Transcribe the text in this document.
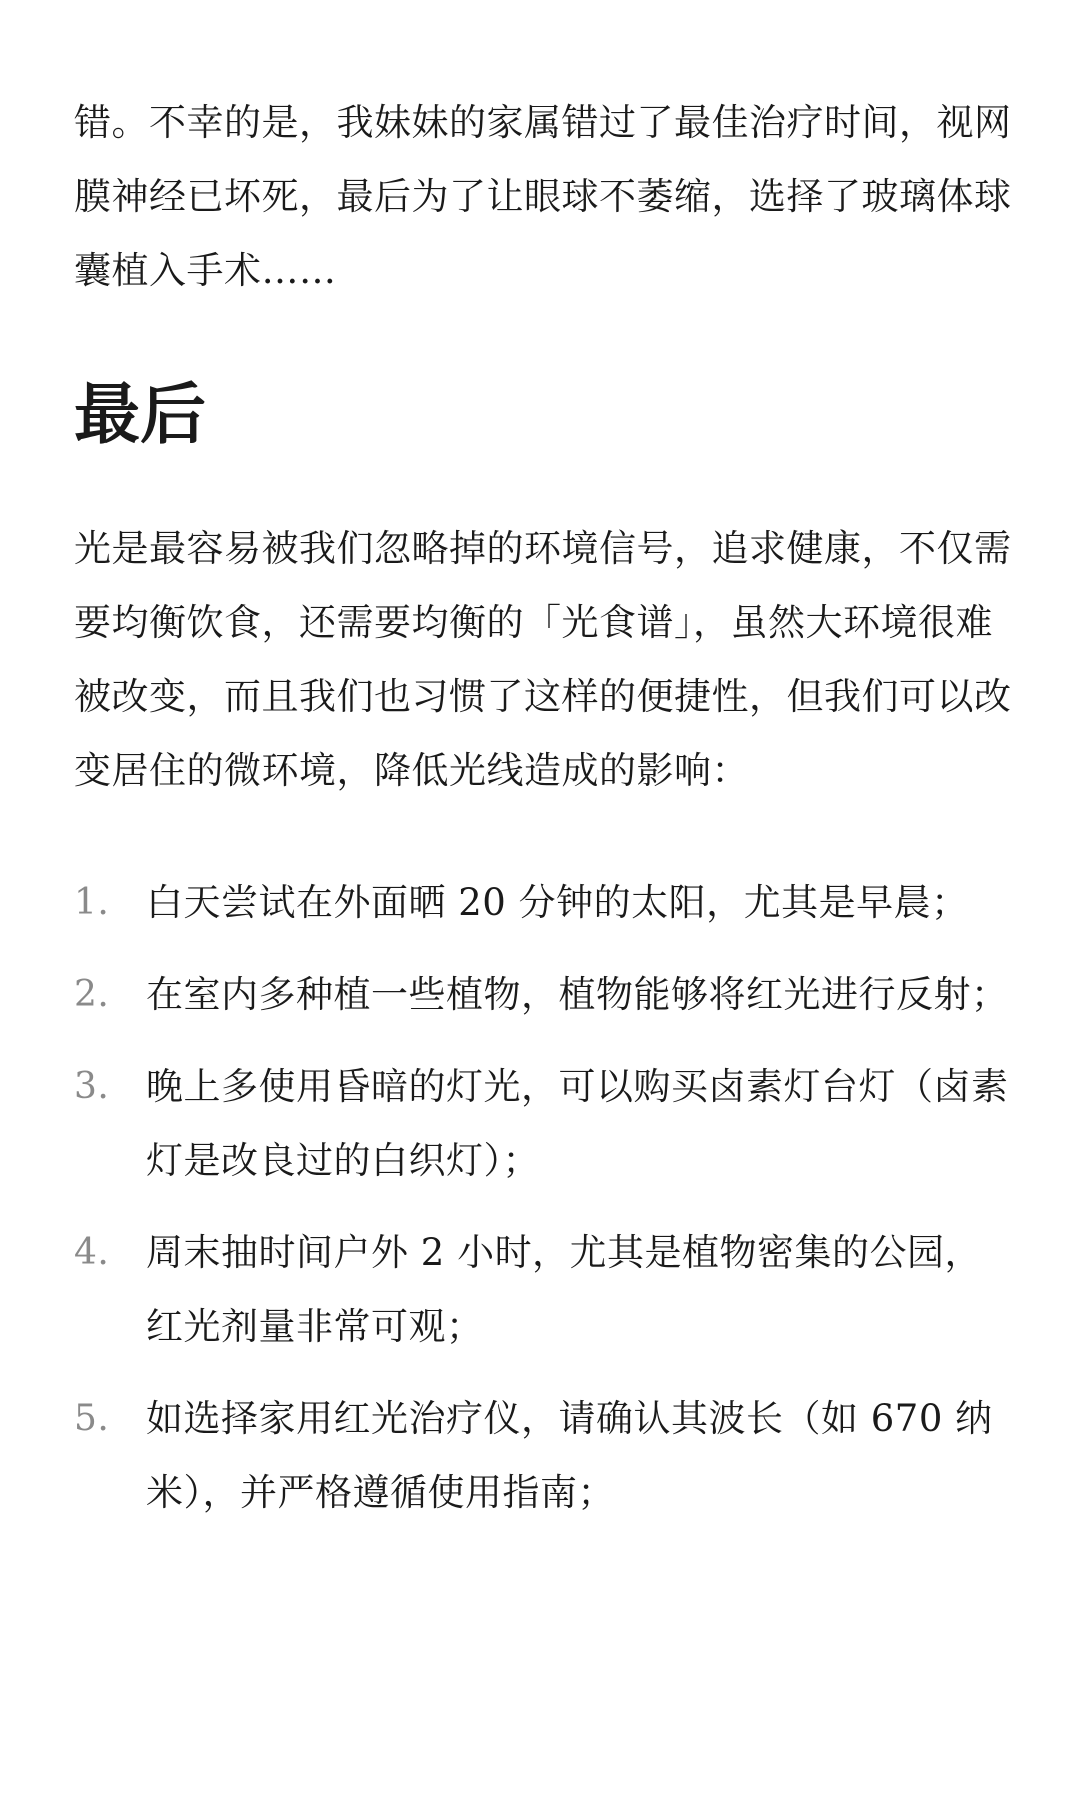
错。不幸的是，我妹妹的家属错过了最佳治疗时间，视网膜神经已坏死，最后为了让眼球不萎缩，选择了玻璃体球囊植入手术……

最后

光是最容易被我们忽略掉的环境信号，追求健康，不仅需要均衡饮食，还需要均衡的「光食谱」，虽然大环境很难被改变，而且我们也习惯了这样的便捷性，但我们可以改变居住的微环境，降低光线造成的影响：

1. 白天尝试在外面晒 20 分钟的太阳，尤其是早晨；
2. 在室内多种植一些植物，植物能够将红光进行反射；
3. 晚上多使用昏暗的灯光，可以购买卤素灯台灯（卤素灯是改良过的白织灯）；
4. 周末抽时间户外 2 小时，尤其是植物密集的公园，红光剂量非常可观；
5. 如选择家用红光治疗仪，请确认其波长（如 670 纳米），并严格遵循使用指南；
